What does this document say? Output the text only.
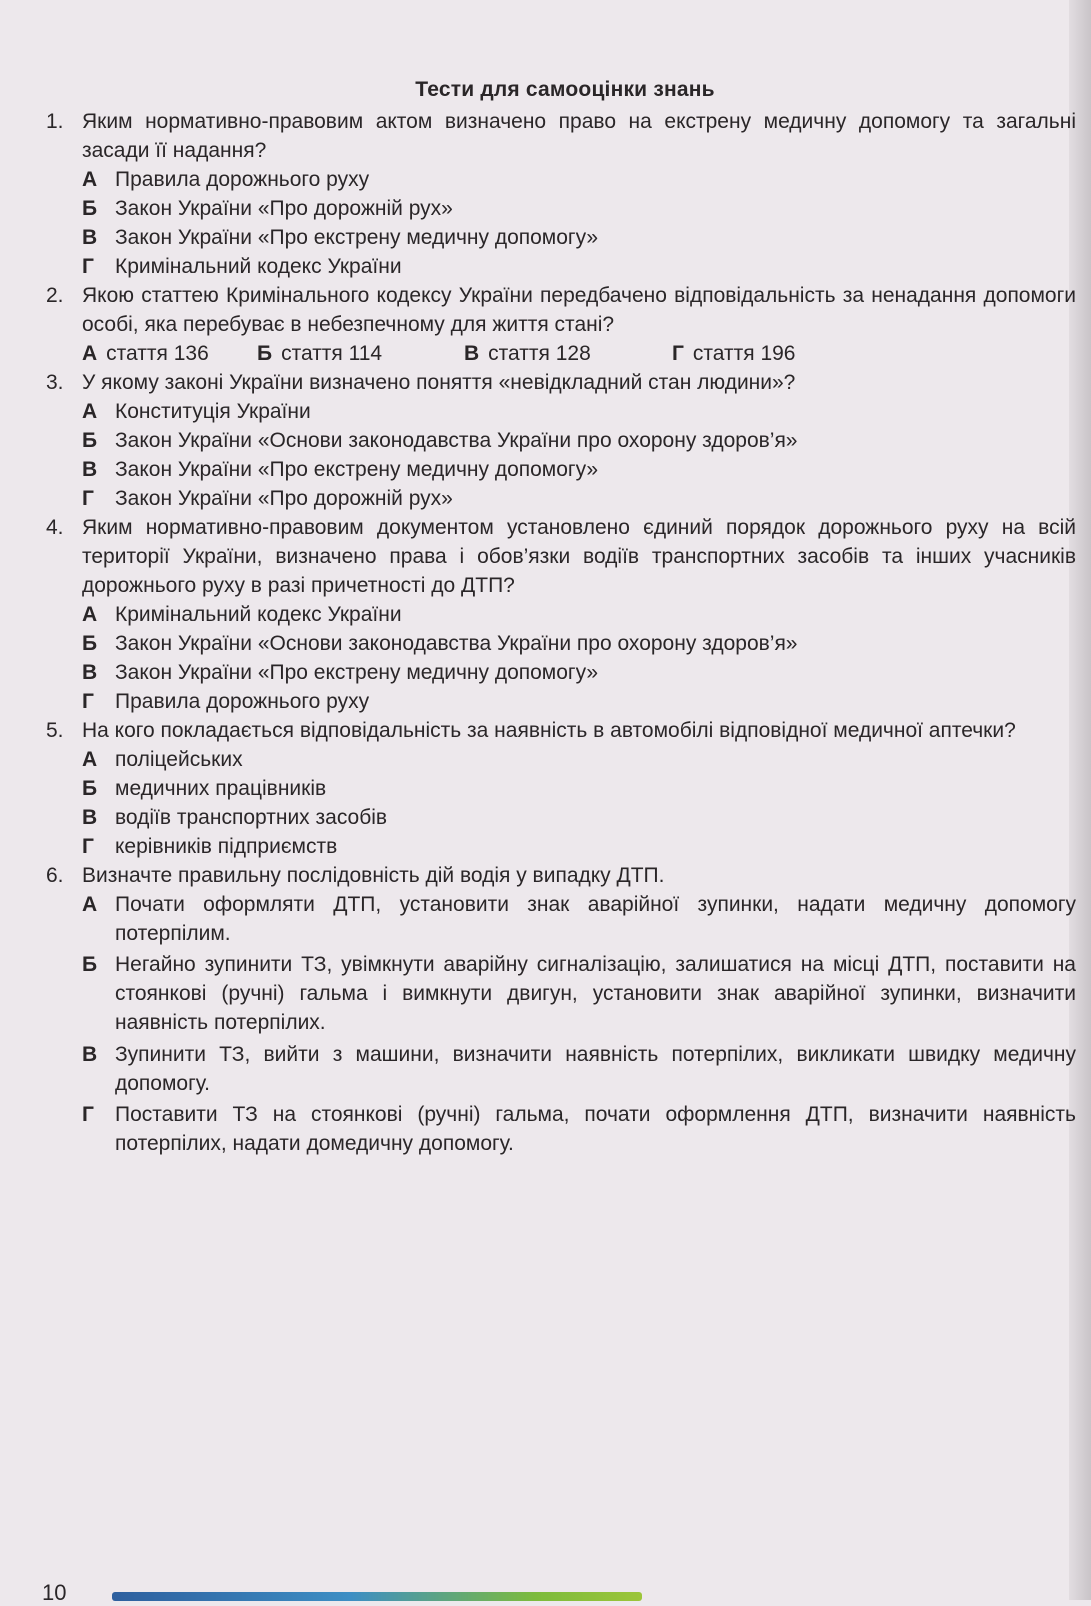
Тести для самооцінки знань
1. Яким нормативно-правовим актом визначено право на екстрену медичну допомогу та загальні засади її надання?
А Правила дорожнього руху
Б Закон України «Про дорожній рух»
В Закон України «Про екстрену медичну допомогу»
Г Кримінальний кодекс України
2. Якою статтею Кримінального кодексу України передбачено відповідальність за ненадання допомоги особі, яка перебуває в небезпечному для життя стані?
А стаття 136 Б стаття 114	В стаття 128	Г стаття 196
3. У якому законі України визначено поняття «невідкладний стан людини»?
А Конституція України
Б Закон України «Основи законодавства України про охорону здоров’я»
В Закон України «Про екстрену медичну допомогу»
Г Закон України «Про дорожній рух»
4. Яким нормативно-правовим документом установлено єдиний порядок дорожнього руху на всій території України, визначено права і обов’язки водіїв транспортних засобів та інших учасників дорожнього руху в разі причетності до ДТП?
А Кримінальний кодекс України
Б Закон України «Основи законодавства України про охорону здоров’я»
В Закон України «Про екстрену медичну допомогу»
Г Правила дорожнього руху
5. На кого покладається відповідальність за наявність в автомобілі відповідної медичної аптечки?
А поліцейських
Б медичних працівників
В водіїв транспортних засобів
Г керівників підприємств
6. Визначте правильну послідовність дій водія у випадку ДТП.
А Почати оформляти ДТП, установити знак аварійної зупинки, надати медичну допомогу потерпілим.
Б Негайно зупинити ТЗ, увімкнути аварійну сигналізацію, залишатися на місці ДТП, поставити на стоянкові (ручні) гальма і вимкнути двигун, установити знак аварійної зупинки, визначити наявність потерпілих.
В Зупинити ТЗ, вийти з машини, визначити наявність потерпілих, викликати швидку медичну допомогу.
Г Поставити ТЗ на стоянкові (ручні) гальма, почати оформлення ДТП, визначити наявність потерпілих, надати домедичну допомогу.
10
